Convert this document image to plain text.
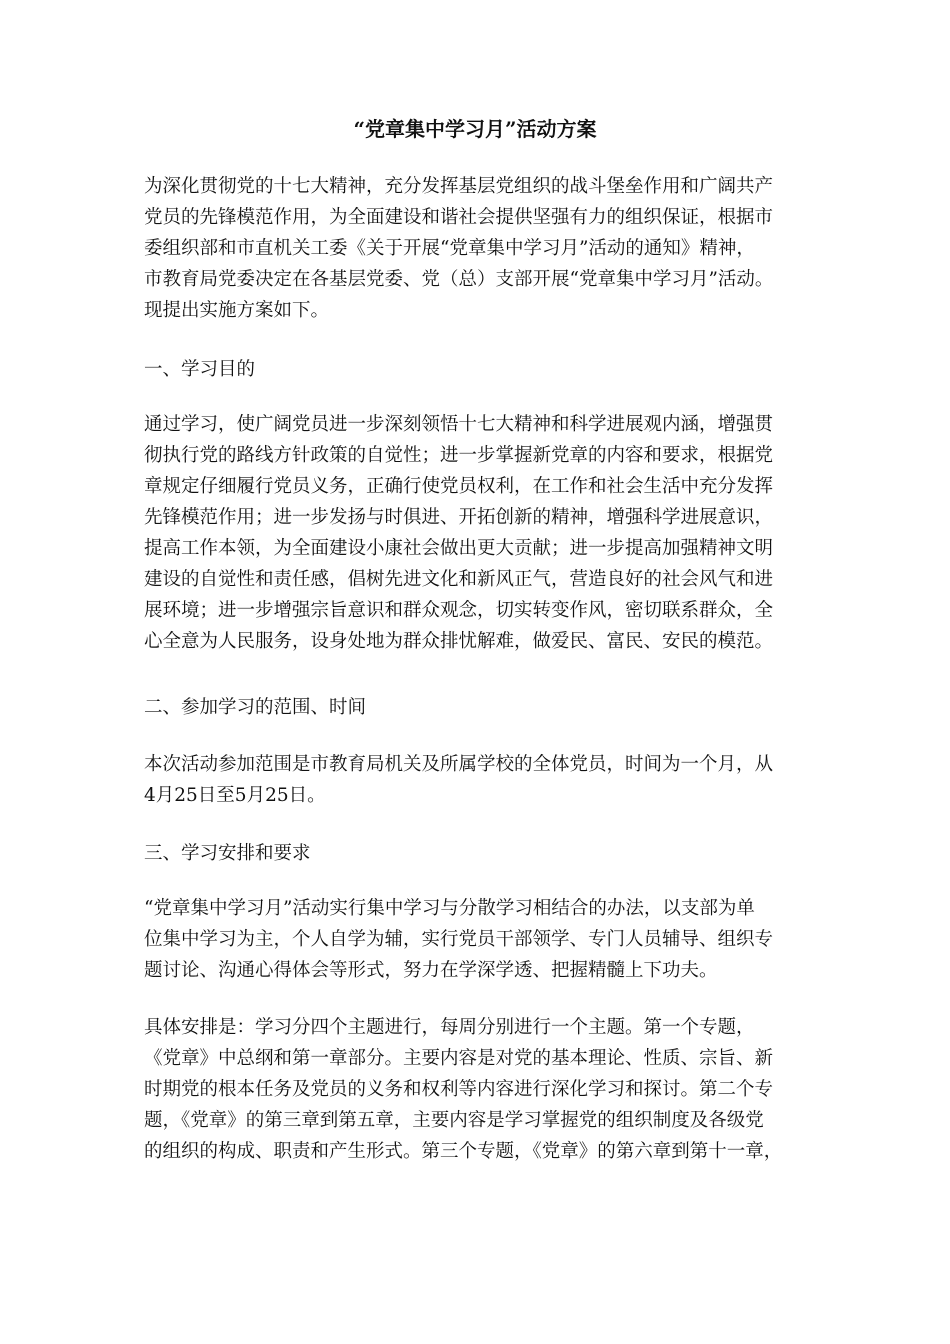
“党章集中学习月”活动方案
为深化贯彻党的十七大精神，充分发挥基层党组织的战斗堡垒作用和广阔共产
党员的先锋模范作用，为全面建设和谐社会提供坚强有力的组织保证，根据市
委组织部和市直机关工委《关于开展“党章集中学习月”活动的通知》精神，
市教育局党委决定在各基层党委、党（总）支部开展“党章集中学习月”活动。
现提出实施方案如下。
一、学习目的
通过学习，使广阔党员进一步深刻领悟十七大精神和科学进展观内涵，增强贯
彻执行党的路线方针政策的自觉性；进一步掌握新党章的内容和要求，根据党
章规定仔细履行党员义务，正确行使党员权利，在工作和社会生活中充分发挥
先锋模范作用；进一步发扬与时俱进、开拓创新的精神，增强科学进展意识，
提高工作本领，为全面建设小康社会做出更大贡献；进一步提高加强精神文明
建设的自觉性和责任感，倡树先进文化和新风正气，营造良好的社会风气和进
展环境；进一步增强宗旨意识和群众观念，切实转变作风，密切联系群众，全
心全意为人民服务，设身处地为群众排忧解难，做爱民、富民、安民的模范。
二、参加学习的范围、时间
本次活动参加范围是市教育局机关及所属学校的全体党员，时间为一个月，从
4月25日至5月25日。
三、学习安排和要求
“党章集中学习月”活动实行集中学习与分散学习相结合的办法，以支部为单
位集中学习为主，个人自学为辅，实行党员干部领学、专门人员辅导、组织专
题讨论、沟通心得体会等形式，努力在学深学透、把握精髓上下功夫。
具体安排是：学习分四个主题进行，每周分别进行一个主题。第一个专题，
《党章》中总纲和第一章部分。主要内容是对党的基本理论、性质、宗旨、新
时期党的根本任务及党员的义务和权利等内容进行深化学习和探讨。第二个专
题，《党章》的第三章到第五章，主要内容是学习掌握党的组织制度及各级党
的组织的构成、职责和产生形式。第三个专题，《党章》的第六章到第十一章，
